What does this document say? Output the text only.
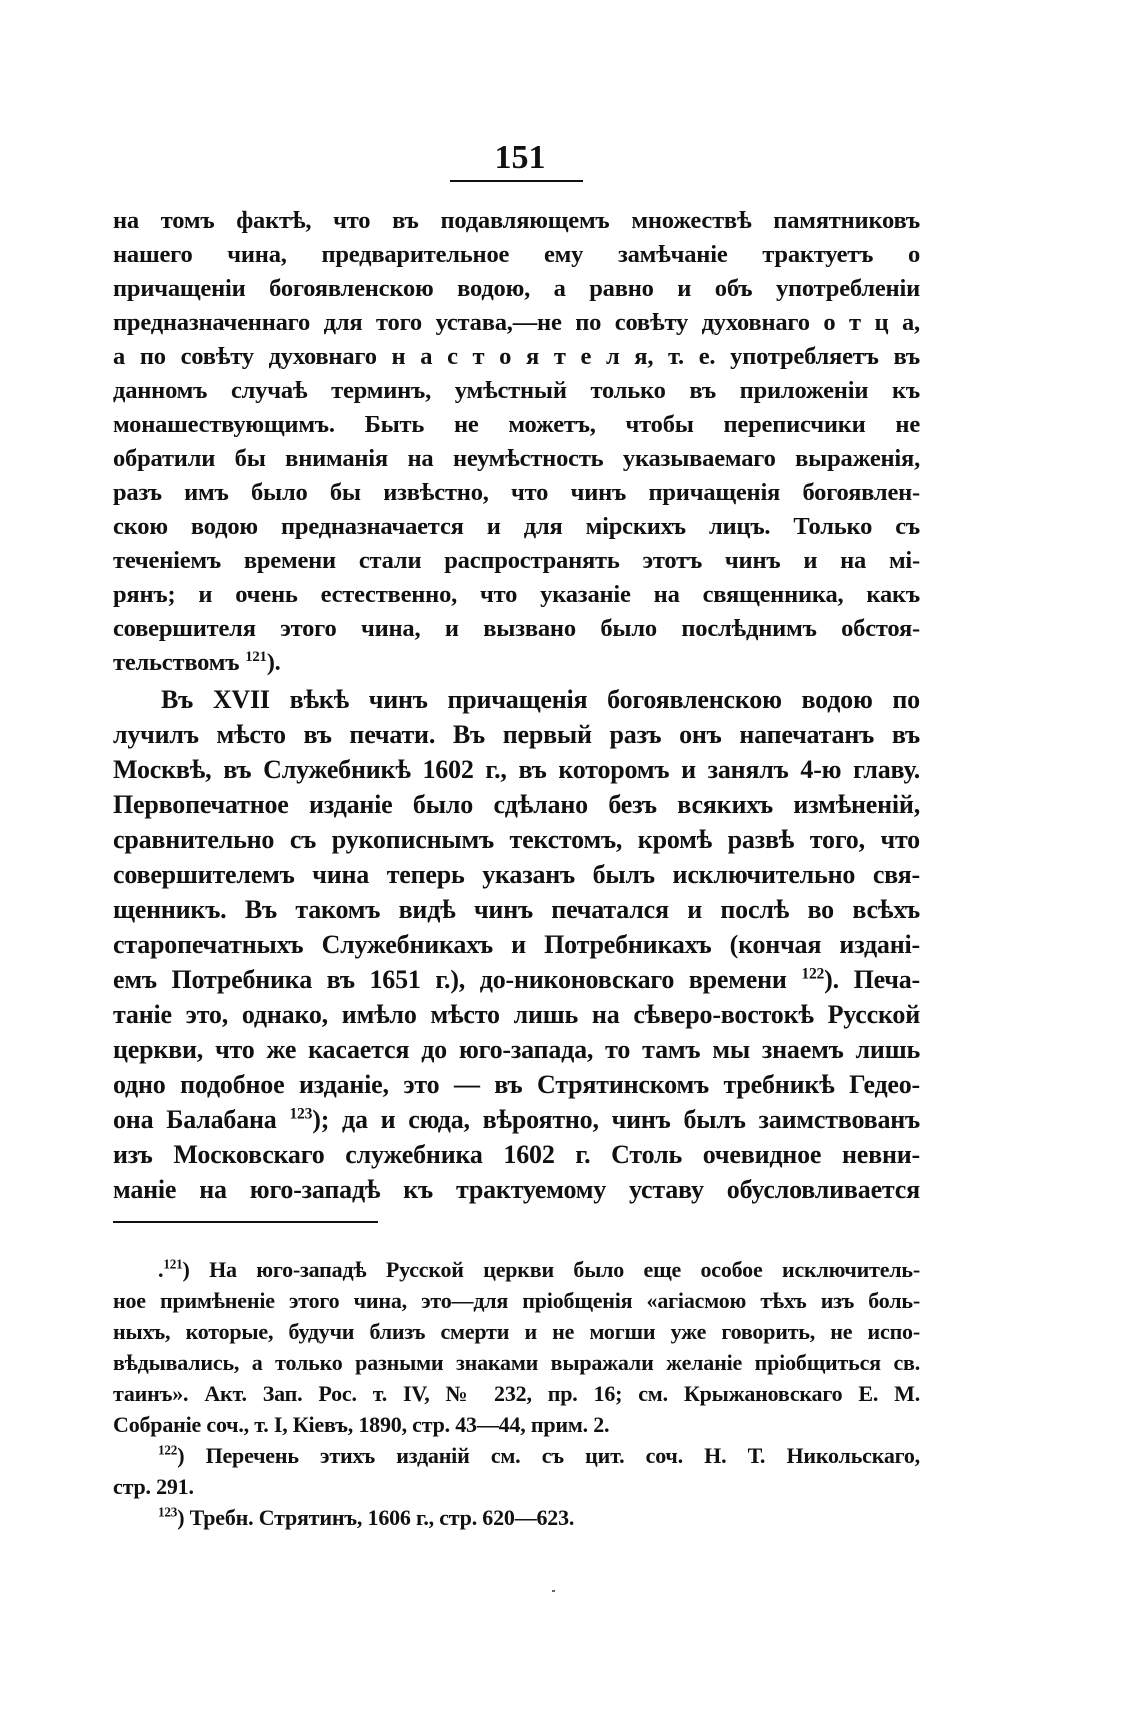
151

на томъ фактѣ, что въ подавляющемъ множествѣ памятниковъ

нашего чина, предварительное ему замѣчаніе трактуетъ о

причащеніи богоявленскою водою, а равно и объ употребленіи

предназначеннаго для того устава,—не по совѣту духовнаго о т ц а,

а по совѣту духовнаго н а с т о я т е л я, т. е. употребляетъ въ

данномъ случаѣ терминъ, умѣстный только въ приложеніи къ

монашествующимъ. Быть не можетъ, чтобы переписчики не

обратили бы вниманія на неумѣстность указываемаго выраженія,

разъ имъ было бы извѣстно, что чинъ причащенія богоявлен-

скою водою предназначается и для мірскихъ лицъ. Только съ

теченіемъ времени стали распространять этотъ чинъ и на мі-

рянъ; и очень естественно, что указаніе на священника, какъ

совершителя этого чина, и вызвано было послѣднимъ обстоя-

тельствомъ $^{121}$).

Въ XVII вѣкѣ чинъ причащенія богоявленскою водою по

лучилъ мѣсто въ печати. Въ первый разъ онъ напечатанъ въ

Москвѣ, въ Служебникѣ 1602 г., въ которомъ и занялъ 4-ю главу.

Первопечатное изданіе было сдѣлано безъ всякихъ измѣненій,

сравнительно съ рукописнымъ текстомъ, кромѣ развѣ того, что

совершителемъ чина теперь указанъ былъ исключительно свя-

щенникъ. Въ такомъ видѣ чинъ печатался и послѣ во всѣхъ

старопечатныхъ Служебникахъ и Потребникахъ (кончая изданi-

емъ Потребника въ 1651 г.), до-никоновскаго времени $^{122}$). Печа-

таніе это, однако, имѣло мѣсто лишь на сѣверо-востокѣ Русской

церкви, что же касается до юго-запада, то тамъ мы знаемъ лишь

одно подобное изданіе, это — въ Стрятинскомъ требникѣ Гедео-

она Балабана $^{123}$); да и сюда, вѣроятно, чинъ былъ заимствованъ

изъ Московскаго служебника 1602 г. Столь очевидное невни-

маніе на юго-западѣ къ трактуемому уставу обусловливается

.$^{121}$) На юго-западѣ Русской церкви было еще особое исключитель-

ное примѣненіе этого чина, это—для пріобщенія «агіасмою тѣхъ изъ боль-

ныхъ, которые, будучи близъ смерти и не могши уже говорить, не испо-

вѣдывались, а только разными знаками выражали желаніе пріобщиться св.

таинъ». Акт. Зап. Рос. т. IV, № 232, пр. 16; см. Крыжановскаго Е. М.

Собраніе соч., т. I, Кіевъ, 1890, стр. 43—44, прим. 2.

$^{122}$) Перечень этихъ изданій см. съ цит. соч. Н. Т. Никольскаго,

стр. 291.

$^{123}$) Требн. Стрятинъ, 1606 г., стр. 620—623.
